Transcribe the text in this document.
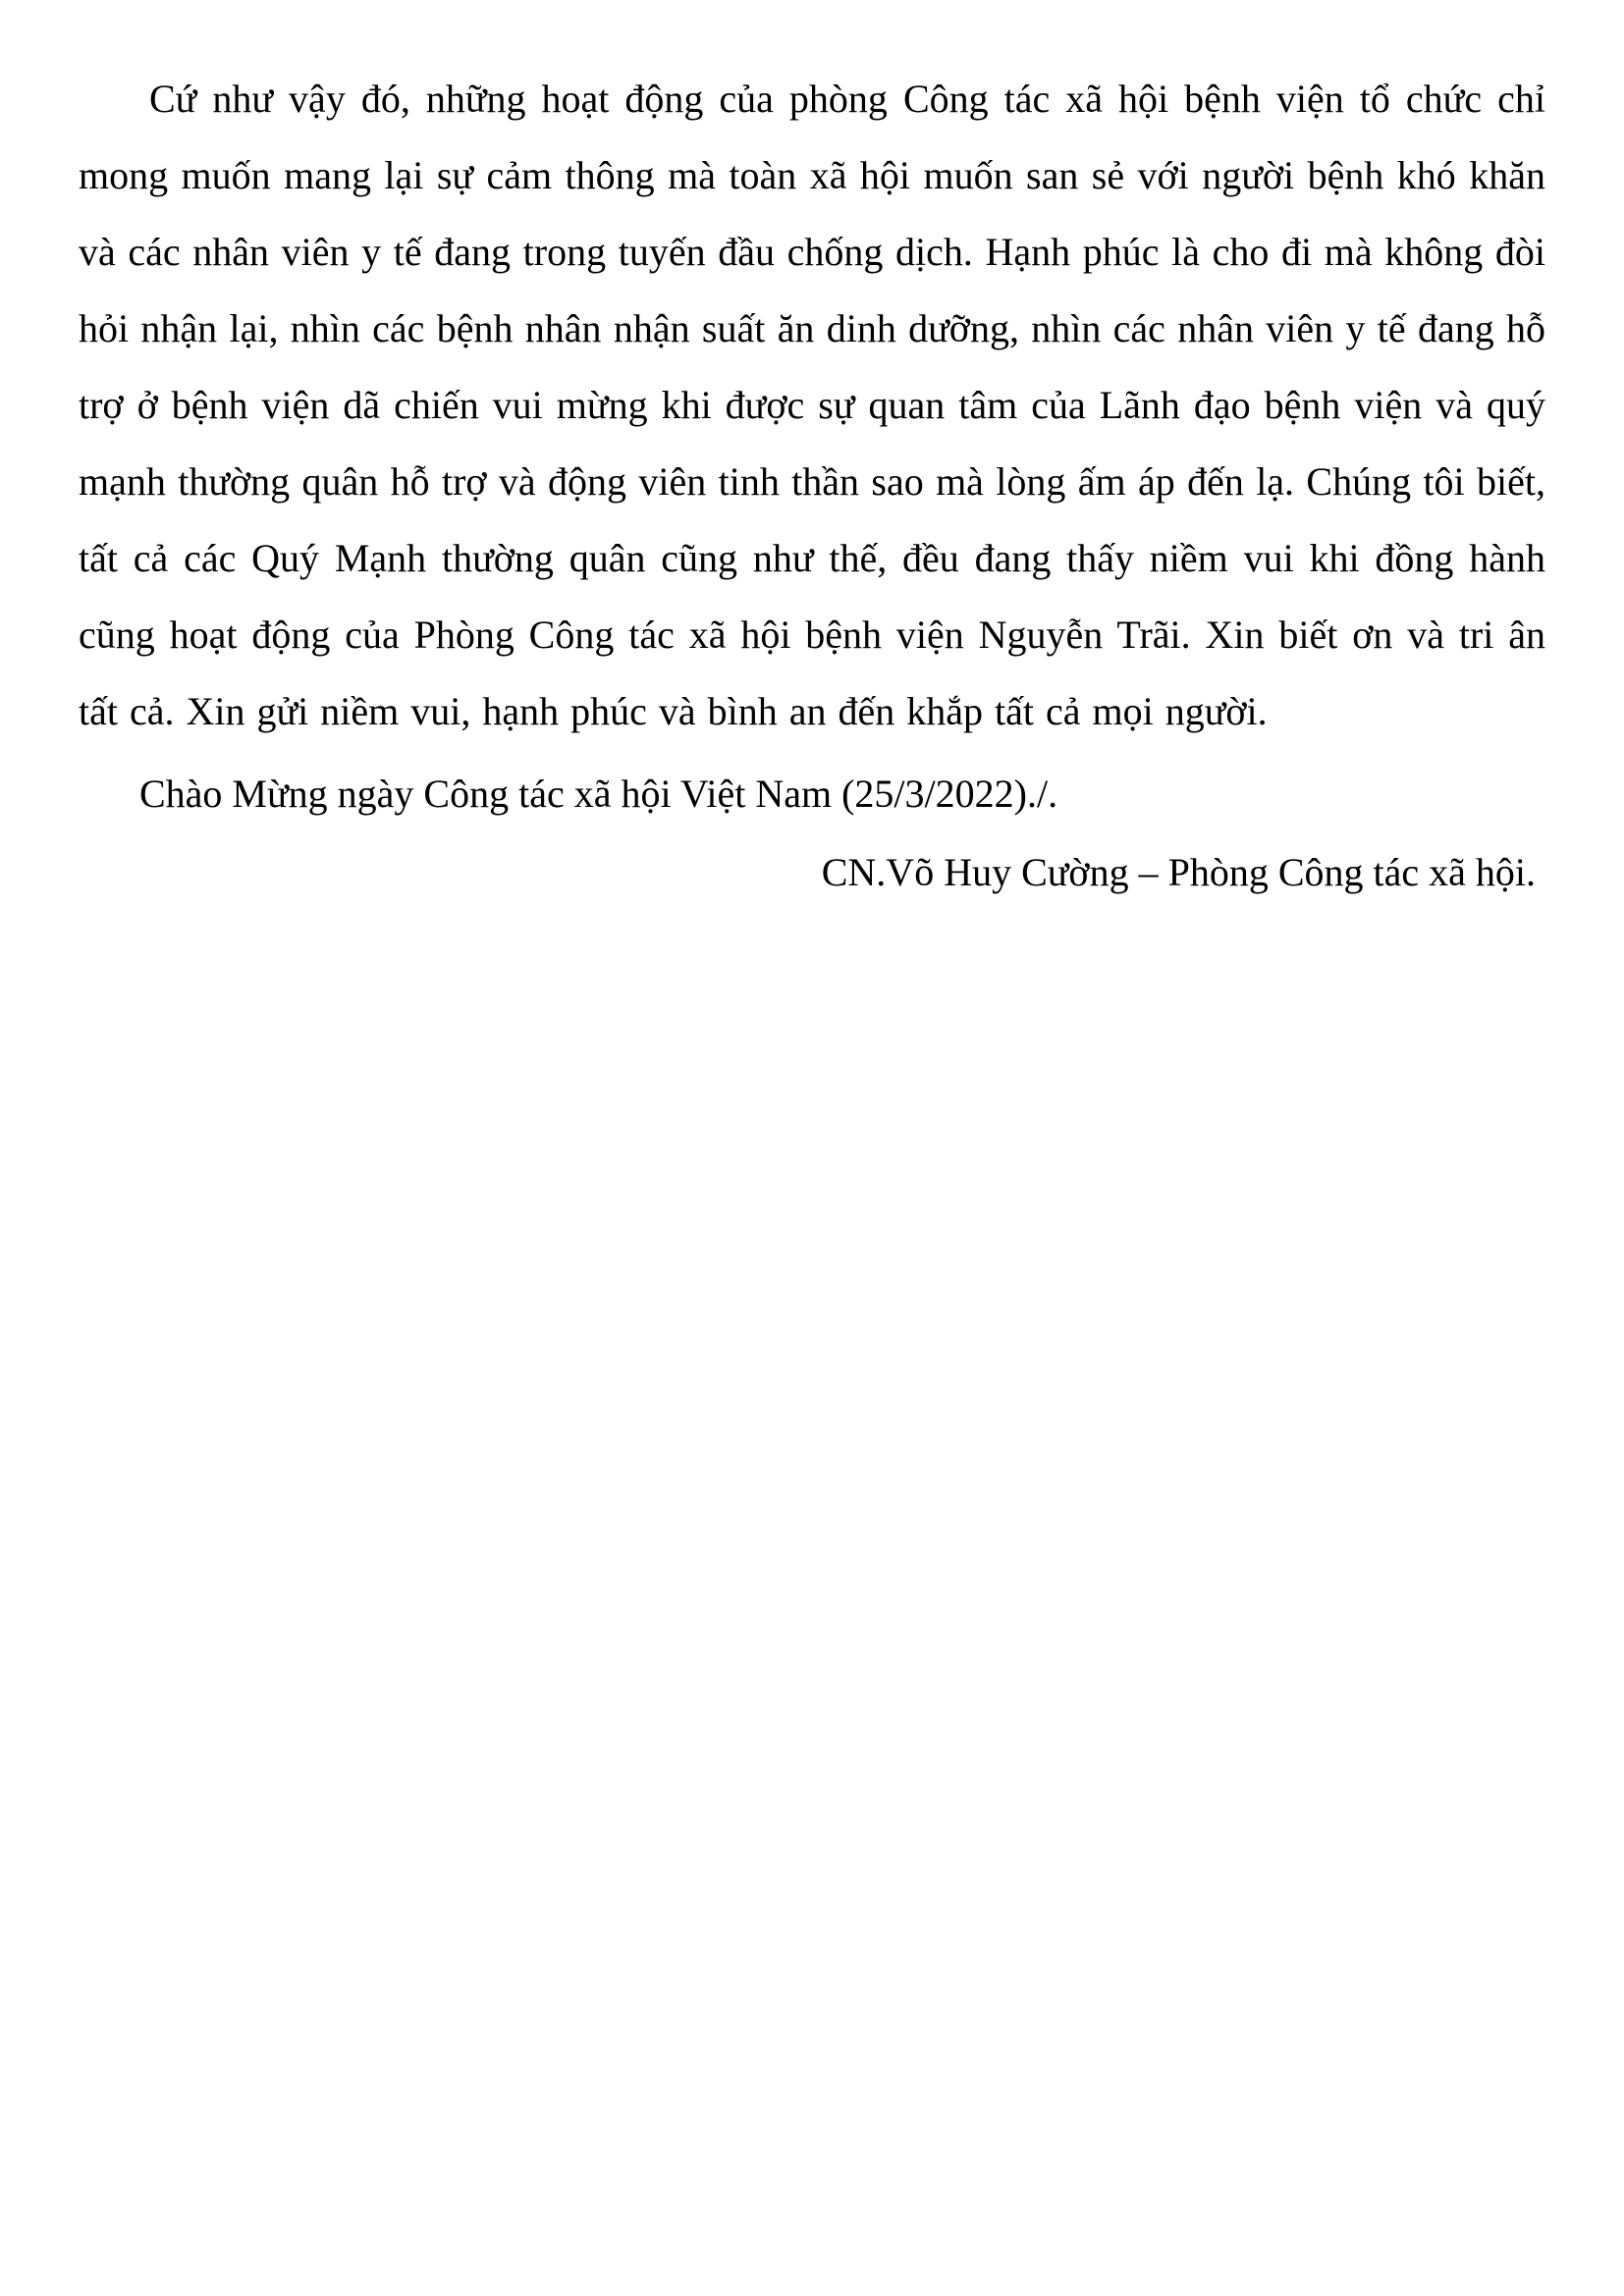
Cứ như vậy đó, những hoạt động của phòng Công tác xã hội bệnh viện tổ chức chỉ mong muốn mang lại sự cảm thông mà toàn xã hội muốn san sẻ với người bệnh khó khăn và các nhân viên y tế đang trong tuyến đầu chống dịch. Hạnh phúc là cho đi mà không đòi hỏi nhận lại, nhìn các bệnh nhân nhận suất ăn dinh dưỡng, nhìn các nhân viên y tế đang hỗ trợ ở bệnh viện dã chiến vui mừng khi được sự quan tâm của Lãnh đạo bệnh viện và quý mạnh thường quân hỗ trợ và động viên tinh thần sao mà lòng ấm áp đến lạ. Chúng tôi biết, tất cả các Quý Mạnh thường quân cũng như thế, đều đang thấy niềm vui khi đồng hành cũng hoạt động của Phòng Công tác xã hội bệnh viện Nguyễn Trãi. Xin biết ơn và tri ân tất cả. Xin gửi niềm vui, hạnh phúc và bình an đến khắp tất cả mọi người.

Chào Mừng ngày Công tác xã hội Việt Nam (25/3/2022)./.

CN.Võ Huy Cường – Phòng Công tác xã hội.
